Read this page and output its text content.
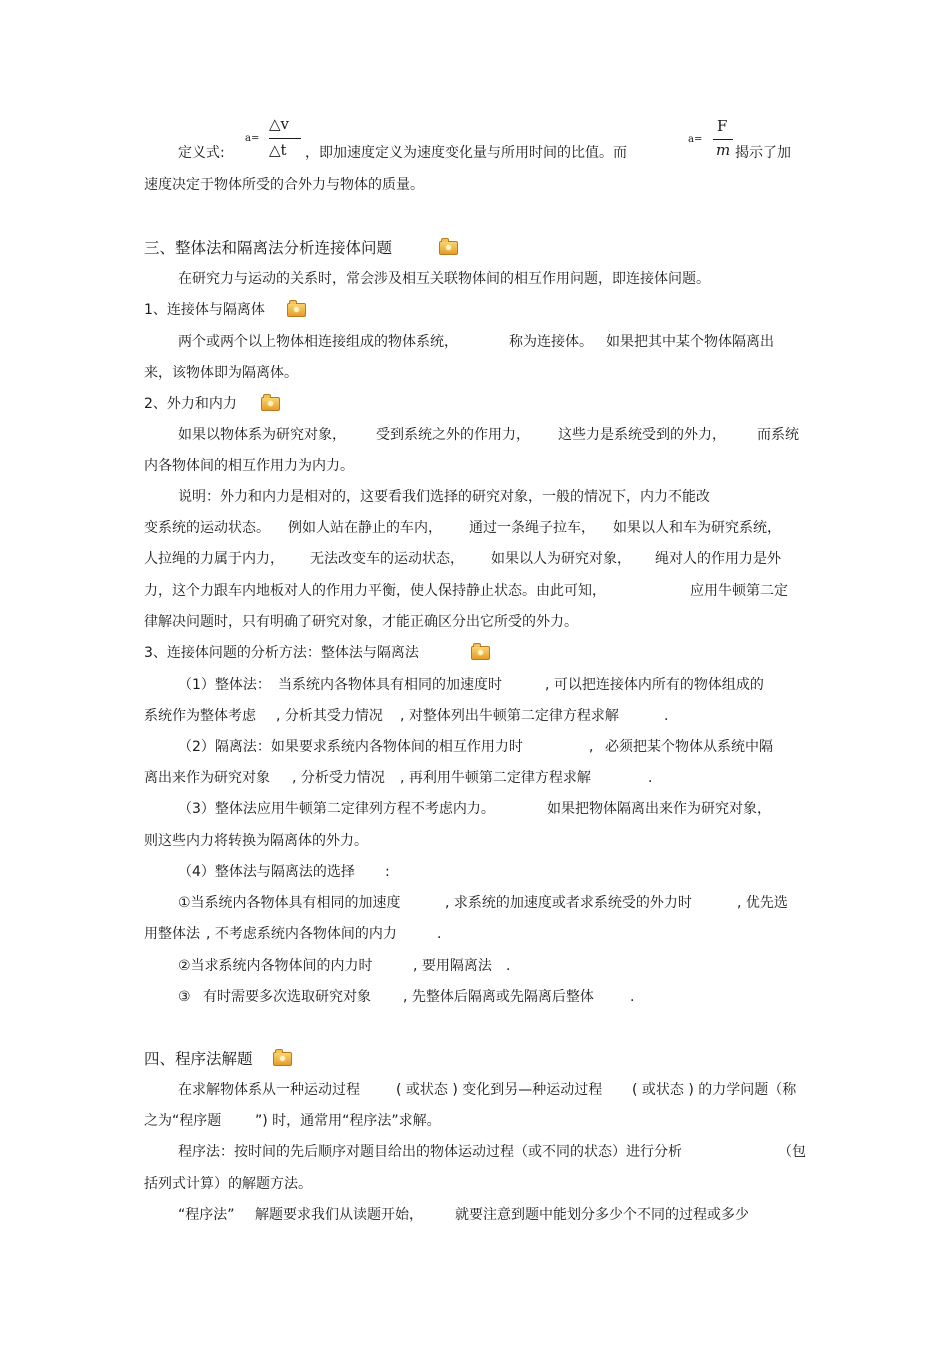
定义式:

a=
△v
△t

，即加速度定义为速度变化量与所用时间的比值。而

a=
F
m

揭示了加

速度决定于物体所受的合外力与物体的质量。

三、整体法和隔离法分析连接体问题

在研究力与运动的关系时，常会涉及相互关联物体间的相互作用问题，即连接体问题。

1、连接体与隔离体

两个或两个以上物体相连接组成的物体系统，

	称为连接体。

如果把其中某个物体隔离出

来，该物体即为隔离体。

2、外力和内力

如果以物体系为研究对象，

受到系统之外的作用力，

这些力是系统受到的外力，

而系统

内各物体间的相互作用力为内力。

说明：外力和内力是相对的，这要看我们选择的研究对象，一般的情况下，内力不能改

变系统的运动状态。

例如人站在静止的车内，

通过一条绳子拉车，

如果以人和车为研究系统，

人拉绳的力属于内力，

无法改变车的运动状态，

如果以人为研究对象，

绳对人的作用力是外

力，这个力跟车内地板对人的作用力平衡，使人保持静止状态。由此可知，

	应用牛顿第二定

律解决问题时，只有明确了研究对象，才能正确区分出它所受的外力。

3、连接体问题的分析方法：整体法与隔离法

（1）整体法：

当系统内各物体具有相同的加速度时

	, 可以把连接体内所有的物体组成的

系统作为整体考虑

, 分析其受力情况

, 对整体列出牛顿第二定律方程求解

	.

（2）隔离法：如果要求系统内各物体间的相互作用力时

	,

必须把某个物体从系统中隔

离出来作为研究对象

, 分析受力情况

, 再利用牛顿第二定律方程求解

	.

（3）整体法应用牛顿第二定律列方程不考虑内力。

	如果把物体隔离出来作为研究对象，

则这些内力将转换为隔离体的外力。

（4）整体法与隔离法的选择

:

①当系统内各物体具有相同的加速度

	, 求系统的加速度或者求系统受的外力时

	, 优先选

用整体法

, 不考虑系统内各物体间的内力

	.

②当求系统内各物体间的内力时

	, 要用隔离法

.

③

有时需要多次选取研究对象

, 先整体后隔离或先隔离后整体

	.

四、程序法解题

在求解物体系从一种运动过程

	( 或状态 ) 变化到另—种运动过程

( 或状态 ) 的力学问题（称

之为“程序题

”) 时，通常用“程序法”求解。

程序法：按时间的先后顺序对题目给出的物体运动过程（或不同的状态）进行分析

	（包

括列式计算）的解题方法。

“程序法”

解题要求我们从读题开始，

就要注意到题中能划分多少个不同的过程或多少
